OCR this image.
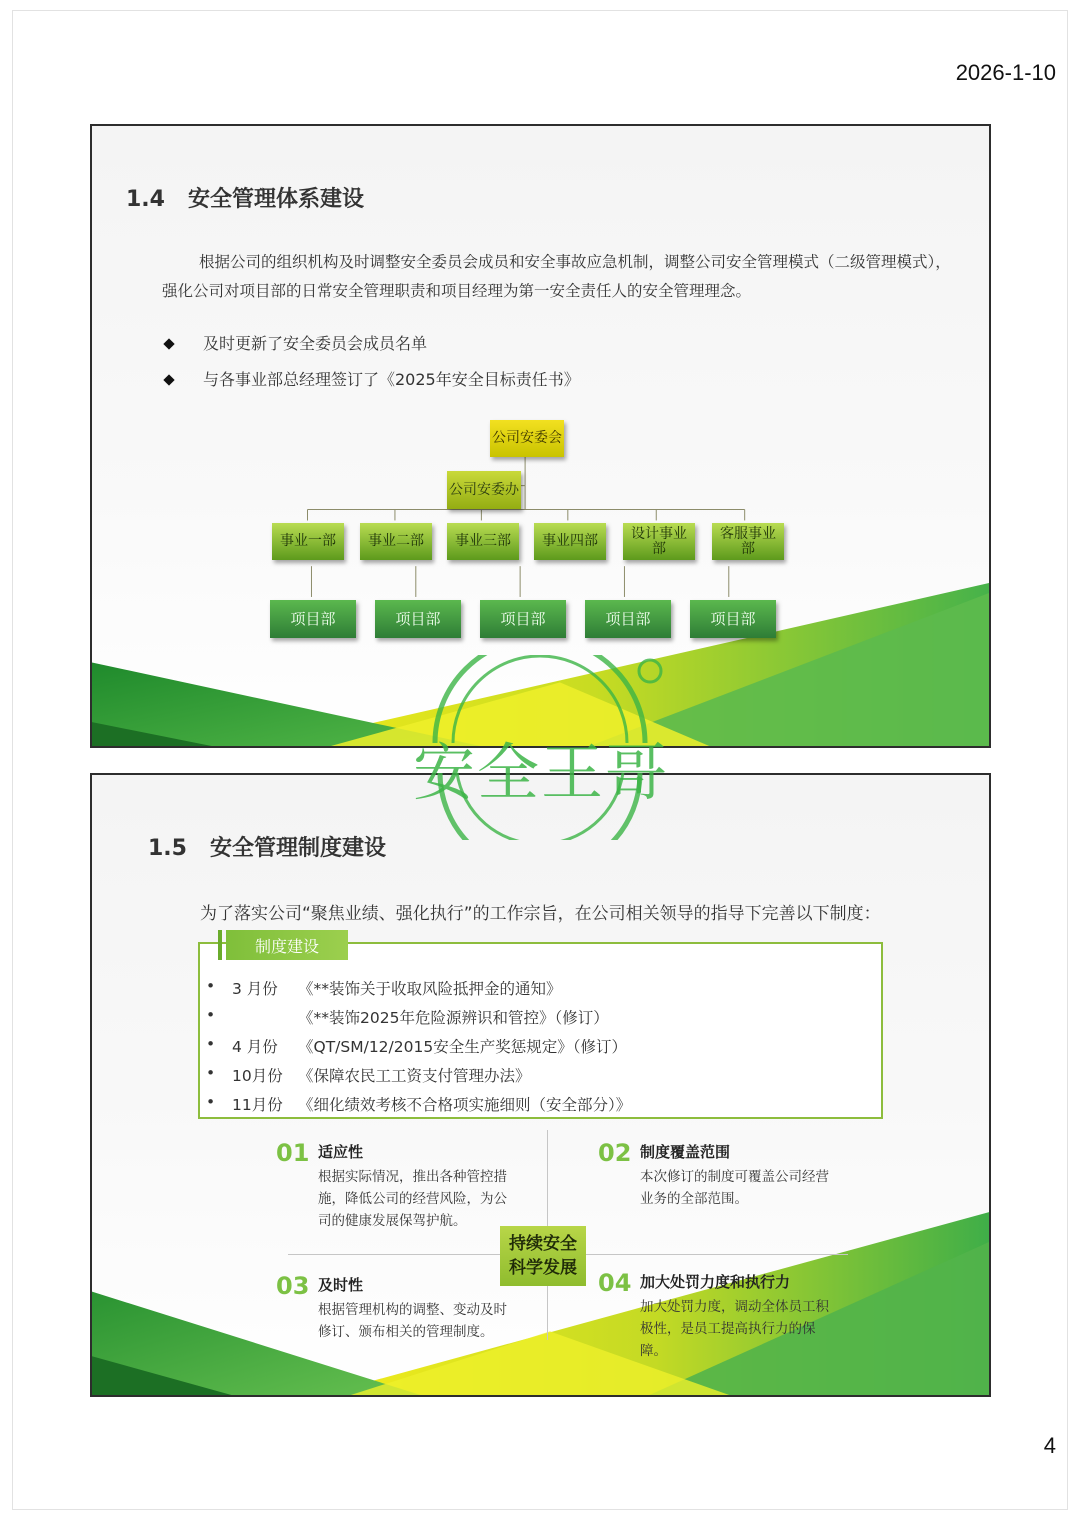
2026-1-10
1.4 安全管理体系建设
根据公司的组织机构及时调整安全委员会成员和安全事故应急机制，调整公司安全管理模式（二级管理模式），强化公司对项目部的日常安全管理职责和项目经理为第一安全责任人的安全管理理念。
及时更新了安全委员会成员名单
与各事业部总经理签订了《2025年安全目标责任书》
公司安委会
公司安委办
事业一部	事业二部	事业三部	事业四部	设计事业部
客服事业部
项目部	项目部	项目部	项目部	项目部
1.5 安全管理制度建设
为了落实公司“聚焦业绩、强化执行”的工作宗旨，在公司相关领导的指导下完善以下制度：
制度建设
• 3 月份 《**装饰关于收取风险抵押金的通知》
•	《**装饰2025年危险源辨识和管控》（修订）
• 4 月份 《QT/SM/12/2015安全生产奖惩规定》（修订）
• 10月份 《保障农民工工资支付管理办法》
• 11月份 《细化绩效考核不合格项实施细则（安全部分）》
01 适应性
根据实际情况，推出各种管控措施，降低公司的经营风险，为公司的健康发展保驾护航。
02 制度覆盖范围
本次修订的制度可覆盖公司经营业务的全部范围。
03 及时性
根据管理机构的调整、变动及时修订、颁布相关的管理制度。
04 加大处罚力度和执行力
加大处罚力度，调动全体员工积极性，是员工提高执行力的保障。
持续安全
科学发展
安全王哥
4
